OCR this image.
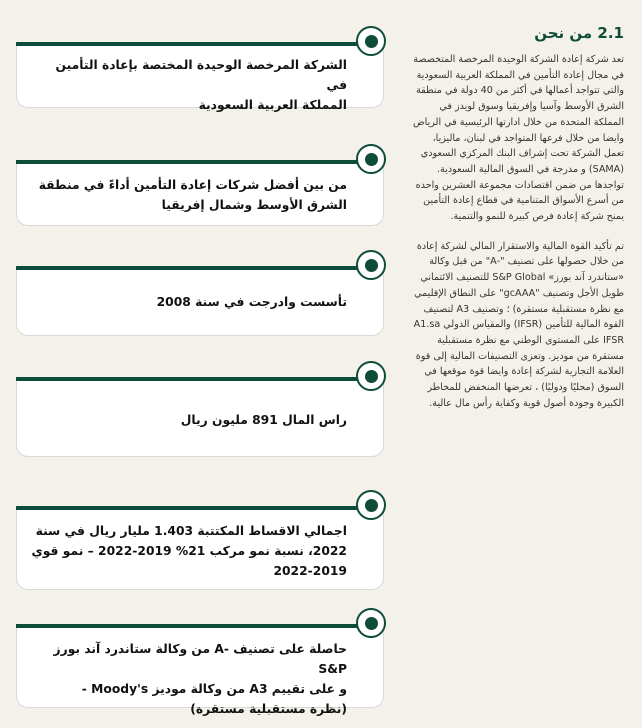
الشركة المرخصة الوحيدة المختصة بإعادة التأمين في
المملكة العربية السعودية
من بين أفضل شركات إعادة التأمين أداءً في منطقة
الشرق الأوسط وشمال إفريقيا
تأسست وادرجت في سنة 2008
راس المال 891 مليون ريال
اجمالي الاقساط المكتتبة 1.403 مليار ريال في سنة
2022، نسبة نمو مركب 21% 2019-2022 – نمو قوي
2022-2019
حاصلة على تصنيف -A من وكالة ستاندرد آند بورز S&P
و على تقييم A3 من وكالة موديز Moody's -
(نظرة مستقبلية مستقرة)
2.1 من نحن

تعد شركة إعادة الشركة الوحيدة المرخصة المتخصصة في مجال إعادة التأمين في المملكة العربية السعودية والتي تتواجد أعمالها في أكثر من 40 دولة في منطقة الشرق الأوسط وآسيا وإفريقيا وسوق لويدز في المملكة المتحدة من خلال ادارتها الرئيسية في الرياض وايضا من خلال فرعها المتواجد في لبنان، ماليزيا، تعمل الشركة تحت إشراف البنك المركزي السعودي (SAMA) و مدرجة في السوق المالية السعودية. تواجدها من ضمن اقتصادات مجموعة العشرين واحده من أسرع الأسواق المتنامية في قطاع إعادة التأمين يمنح شركة إعادة فرص كبيرة للنمو والتنمية.

تم تأكيد القوة المالية والاستقرار المالي لشركة إعادة من خلال حصولها على تصنيف "-A" من قبل وكالة «ستاندرد آند بورز» S&P Global للتصنيف الائتماني طويل الأجل وتصنيف "gcAAA" على النطاق الإقليمي مع نظرة مستقبلية مستقرة) ؛ وتصنيف A3 لتصنيف القوة المالية للتأمين (IFSR) والمقياس الدولي A1.sa IFSR على المستوى الوطني مع نظرة مستقبلية مستقرة من موديز. وتعزى التصنيفات المالية إلى قوة العلامة التجارية لشركة إعادة وايضا قوة موقعها في السوق (محليًا ودوليًا) ، تعرضها المنخفض للمخاطر الكبيرة وجودة أصول قوية وكفاية رأس مال عالية.
